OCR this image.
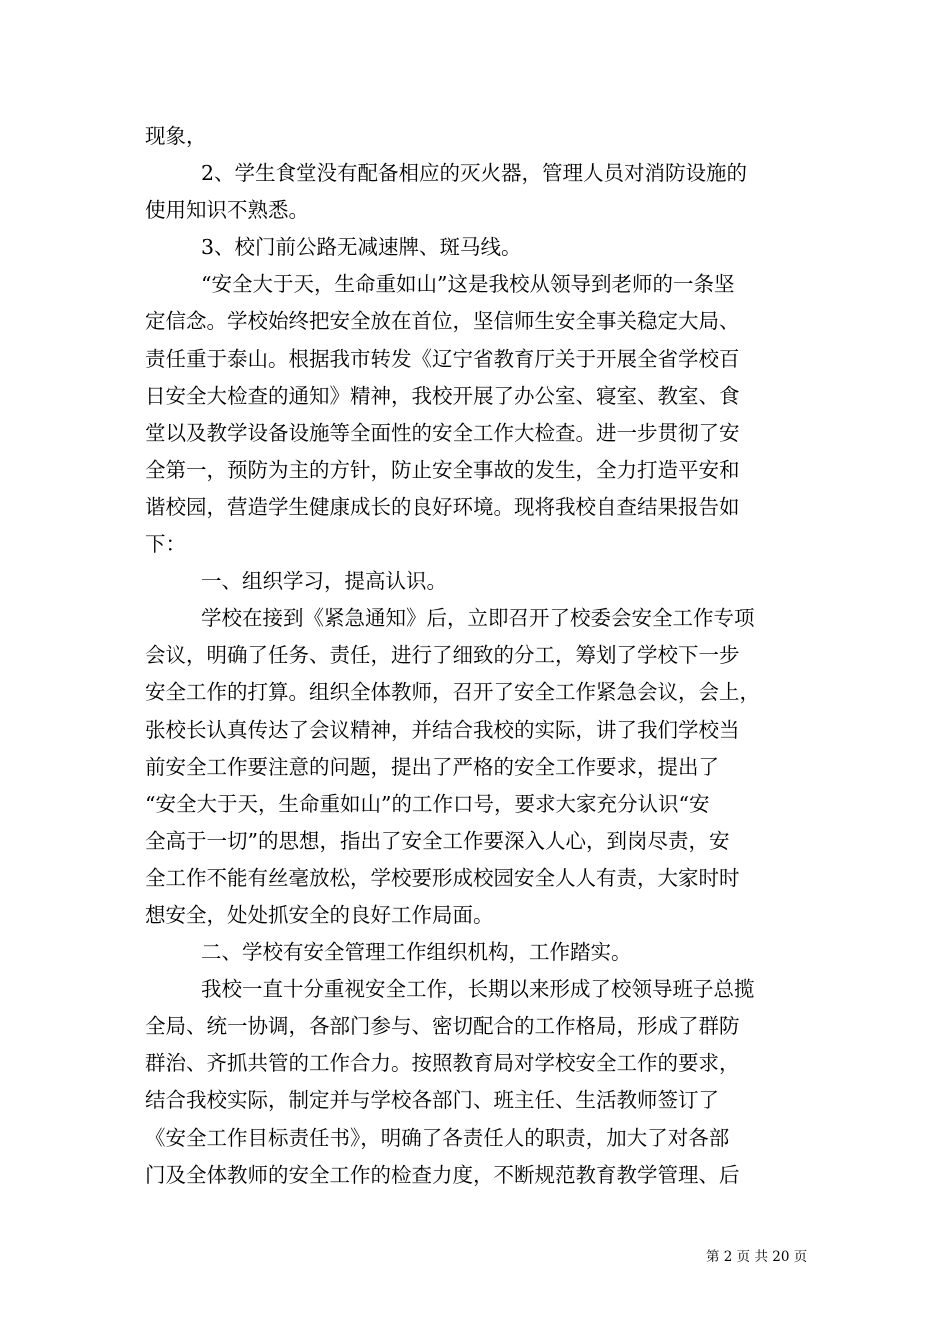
现象，
2、学生食堂没有配备相应的灭火器，管理人员对消防设施的
使用知识不熟悉。
3、校门前公路无减速牌、斑马线。
“安全大于天，生命重如山”这是我校从领导到老师的一条坚
定信念。学校始终把安全放在首位，坚信师生安全事关稳定大局、
责任重于泰山。根据我市转发《辽宁省教育厅关于开展全省学校百
日安全大检查的通知》精神，我校开展了办公室、寝室、教室、食
堂以及教学设备设施等全面性的安全工作大检查。进一步贯彻了安
全第一，预防为主的方针，防止安全事故的发生，全力打造平安和
谐校园，营造学生健康成长的良好环境。现将我校自查结果报告如
下：
一、组织学习，提高认识。
学校在接到《紧急通知》后，立即召开了校委会安全工作专项
会议，明确了任务、责任，进行了细致的分工，筹划了学校下一步
安全工作的打算。组织全体教师，召开了安全工作紧急会议，会上，
张校长认真传达了会议精神，并结合我校的实际，讲了我们学校当
前安全工作要注意的问题，提出了严格的安全工作要求，提出了
“安全大于天，生命重如山”的工作口号，要求大家充分认识“安
全高于一切”的思想，指出了安全工作要深入人心，到岗尽责，安
全工作不能有丝毫放松，学校要形成校园安全人人有责，大家时时
想安全，处处抓安全的良好工作局面。
二、学校有安全管理工作组织机构，工作踏实。
我校一直十分重视安全工作，长期以来形成了校领导班子总揽
全局、统一协调，各部门参与、密切配合的工作格局，形成了群防
群治、齐抓共管的工作合力。按照教育局对学校安全工作的要求，
结合我校实际，制定并与学校各部门、班主任、生活教师签订了
《安全工作目标责任书》，明确了各责任人的职责，加大了对各部
门及全体教师的安全工作的检查力度，不断规范教育教学管理、后
第 2 页 共 20 页
